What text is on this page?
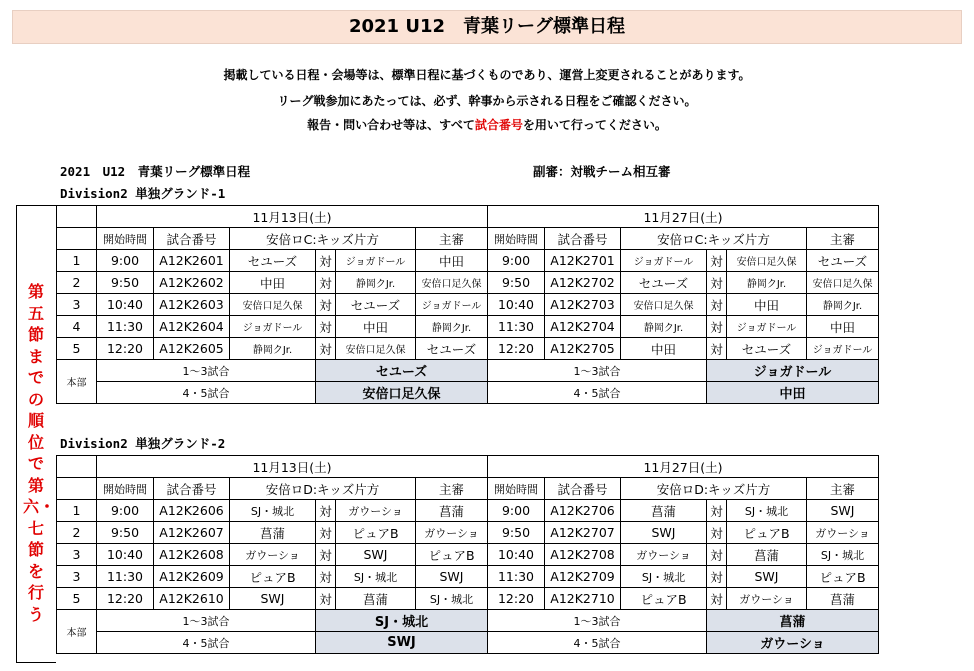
2021 U12　青葉リーグ標準日程
掲載している日程・会場等は、標準日程に基づくものであり、運営上変更されることがあります。
リーグ戦参加にあたっては、必ず、幹事から示される日程をご確認ください。
報告・問い合わせ等は、すべて試合番号を用いて行ってください。
2021　U12　青葉リーグ標準日程	副審：対戦チーム相互審
Division2 単独グランド-1
第五節までの順位で第六・七節を行う
	11月13日(土)						11月27日(土)					
	開始時間	試合番号	安倍ロC:キッズ片方			主審	開始時間	試合番号	安倍ロC:キッズ片方			主審
1	9:00	A12K2601	セユーズ	対	ジョガドール	中田	9:00	A12K2701	ジョガドール	対	安倍口足久保	セユーズ
2	9:50	A12K2602	中田	対	静岡クJr.	安倍口足久保	9:50	A12K2702	セユーズ	対	静岡クJr.	安倍口足久保
3	10:40	A12K2603	安倍口足久保	対	セユーズ	ジョガドール	10:40	A12K2703	安倍口足久保	対	中田	静岡クJr.
4	11:30	A12K2604	ジョガドール	対	中田	静岡クJr.	11:30	A12K2704	静岡クJr.	対	ジョガドール	中田
5	12:20	A12K2605	静岡クJr.	対	安倍口足久保	セユーズ	12:20	A12K2705	中田	対	セユーズ	ジョガドール
本部	1～3試合			セユーズ			1～3試合			ジョガドール		
	4・5試合			安倍口足久保			4・5試合			中田		
Division2 単独グランド-2
	11月13日(土)						11月27日(土)					
	開始時間	試合番号	安倍ロD:キッズ片方			主審	開始時間	試合番号	安倍ロD:キッズ片方			主審
1	9:00	A12K2606	SJ・城北	対	ガウーショ	菖蒲	9:00	A12K2706	菖蒲	対	SJ・城北	SWJ
2	9:50	A12K2607	菖蒲	対	ピュアB	ガウーショ	9:50	A12K2707	SWJ	対	ピュアB	ガウーショ
3	10:40	A12K2608	ガウーショ	対	SWJ	ピュアB	10:40	A12K2708	ガウーショ	対	菖蒲	SJ・城北
3	11:30	A12K2609	ピュアB	対	SJ・城北	SWJ	11:30	A12K2709	SJ・城北	対	SWJ	ピュアB
5	12:20	A12K2610	SWJ	対	菖蒲	SJ・城北	12:20	A12K2710	ピュアB	対	ガウーショ	菖蒲
本部	1～3試合			SJ・城北			1～3試合			菖蒲		
	4・5試合			SWJ			4・5試合			ガウーショ		
